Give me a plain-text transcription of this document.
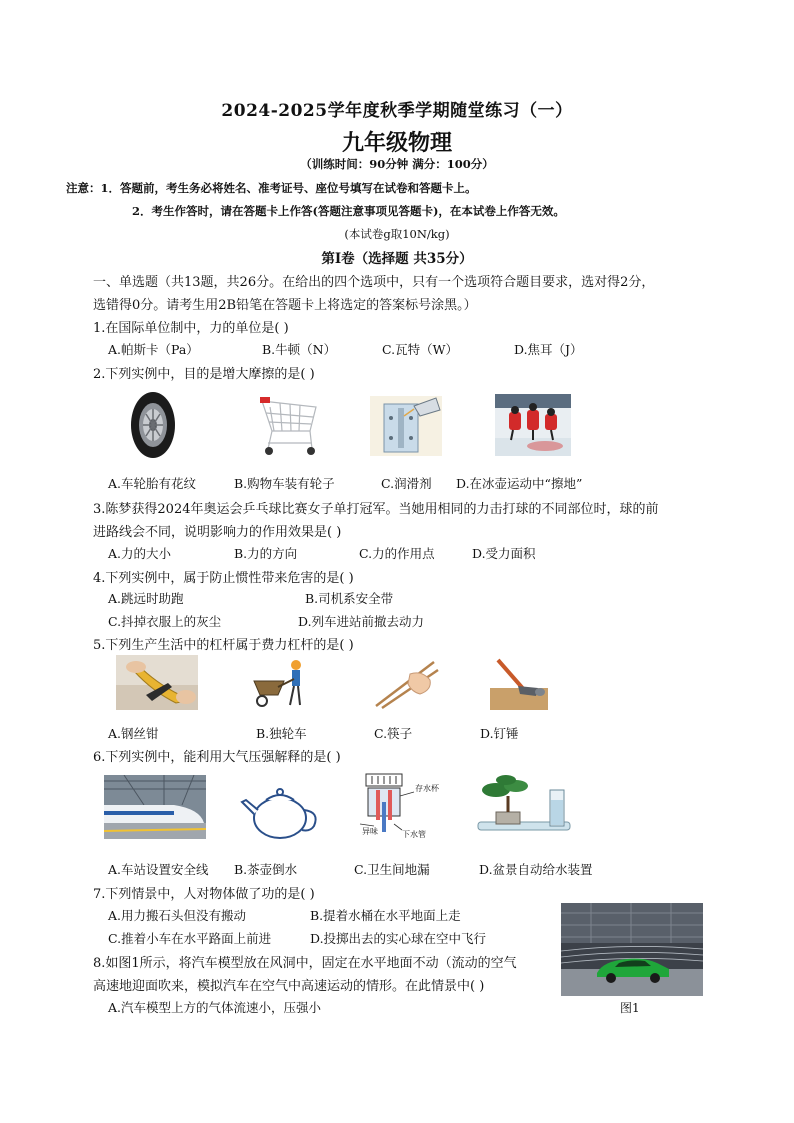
2024-2025学年度秋季学期随堂练习（一）
九年级物理
（训练时间：90分钟 满分：100分）
注意：1．答题前，考生务必将姓名、准考证号、座位号填写在试卷和答题卡上。
2．考生作答时，请在答题卡上作答(答题注意事项见答题卡)，在本试卷上作答无效。
(本试卷g取10N/kg)
第Ⅰ卷（选择题 共35分）
一、单选题（共13题，共26分。在给出的四个选项中，只有一个选项符合题目要求，选对得2分，
选错得0分。请考生用2B铅笔在答题卡上将选定的答案标号涂黑。）
1.在国际单位制中，力的单位是( )
A.帕斯卡（Pa）	B.牛顿（N）	C.瓦特（W）	D.焦耳（J）
2.下列实例中，目的是增大摩擦的是( )
A.车轮胎有花纹	B.购物车装有轮子	C.润滑剂 D.在冰壶运动中“擦地”
3.陈梦获得2024年奥运会乒乓球比赛女子单打冠军。当她用相同的力击打球的不同部位时，球的前
进路线会不同，说明影响力的作用效果是( )
A.力的大小	B.力的方向	C.力的作用点	D.受力面积
4.下列实例中，属于防止惯性带来危害的是( )
A.跳远时助跑	B.司机系安全带
C.抖掉衣服上的灰尘	D.列车进站前撤去动力
5.下列生产生活中的杠杆属于费力杠杆的是( )
A.钢丝钳	B.独轮车	C.筷子	D.钉锤
6.下列实例中，能利用大气压强解释的是( )
存水杯
异味	下水管
A.车站设置安全线 B.茶壶倒水	C.卫生间地漏	D.盆景自动给水装置
7.下列情景中，人对物体做了功的是( )
A.用力搬石头但没有搬动	B.提着水桶在水平地面上走
C.推着小车在水平路面上前进	D.投掷出去的实心球在空中飞行
图1
8.如图1所示，将汽车模型放在风洞中，固定在水平地面不动（流动的空气
高速地迎面吹来，模拟汽车在空气中高速运动的情形。在此情景中( )
A.汽车模型上方的气体流速小，压强小
